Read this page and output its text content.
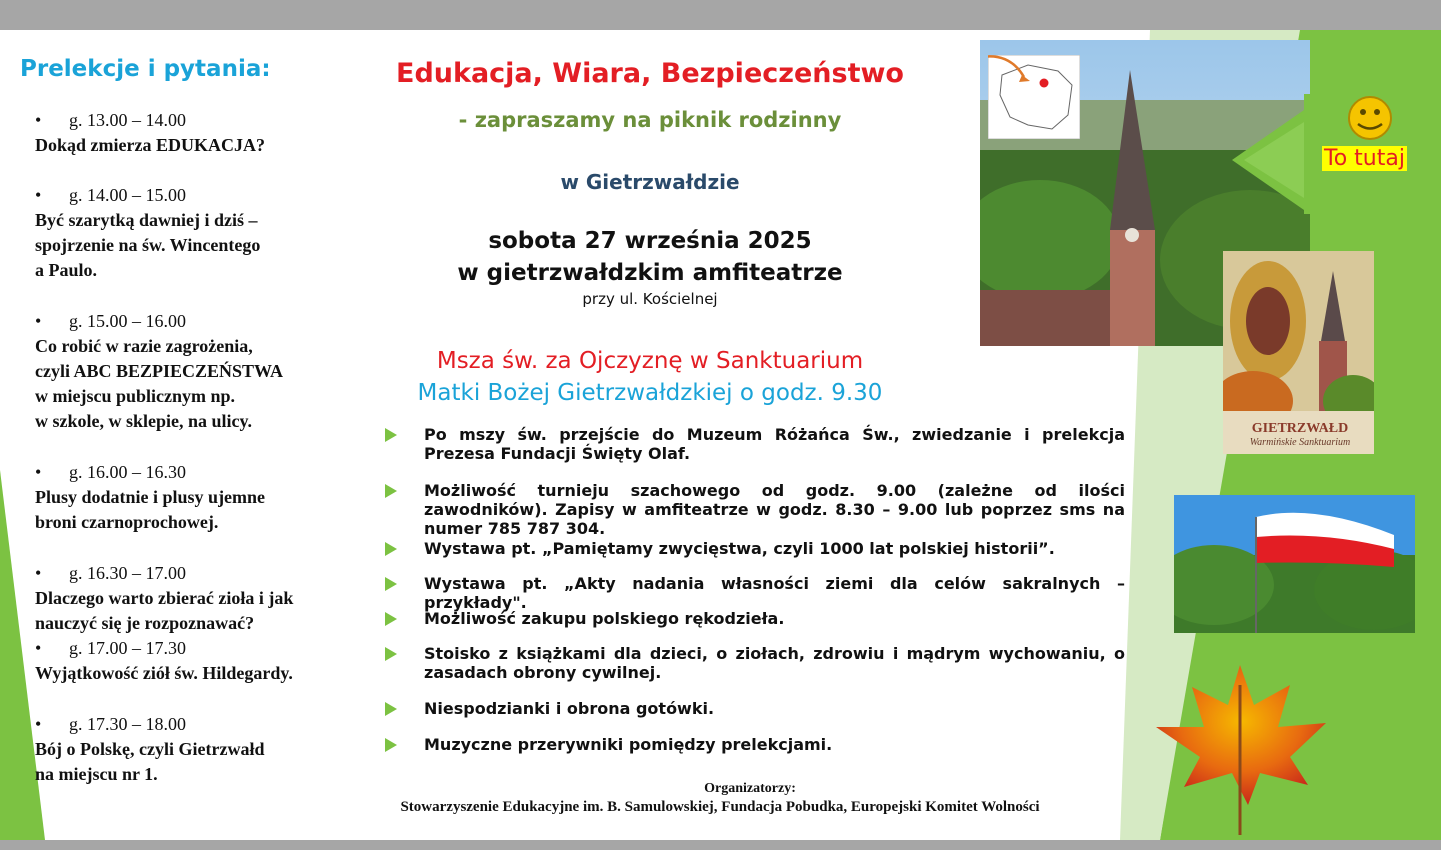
Prelekcje i pytania:
• g. 13.00 – 14.00
Dokąd zmierza EDUKACJA?
• g. 14.00 – 15.00
Być szarytką dawniej i dziś –
spojrzenie na św. Wincentego
a Paulo.
• g. 15.00 – 16.00
Co robić w razie zagrożenia,
czyli ABC BEZPIECZEŃSTWA
w miejscu publicznym np.
w szkole, w sklepie, na ulicy.
• g. 16.00 – 16.30
Plusy dodatnie i plusy ujemne
broni czarnoprochowej.
• g. 16.30 – 17.00
Dlaczego warto zbierać zioła i jak
nauczyć się je rozpoznawać?
• g. 17.00 – 17.30
Wyjątkowość ziół św. Hildegardy.
• g. 17.30 – 18.00
Bój o Polskę, czyli Gietrzwałd
na miejscu nr 1.
Edukacja, Wiara, Bezpieczeństwo
- zapraszamy na piknik rodzinny
w Gietrzwałdzie
sobota 27 września 2025
w gietrzwałdzkim amfiteatrze
przy ul. Kościelnej
Msza św. za Ojczyznę w Sanktuarium
Matki Bożej Gietrzwałdzkiej o godz. 9.30
Po mszy św. przejście do Muzeum Różańca Św., zwiedzanie i prelekcja Prezesa Fundacji Święty Olaf.
Możliwość turnieju szachowego od godz. 9.00 (zależne od ilości zawodników). Zapisy w amfiteatrze w godz. 8.30 – 9.00 lub poprzez sms na numer 785 787 304.
Wystawa pt. „Pamiętamy zwycięstwa, czyli 1000 lat polskiej historii”.
Wystawa pt. „Akty nadania własności ziemi dla celów sakralnych – przykłady".
Możliwość zakupu polskiego rękodzieła.
Stoisko z książkami dla dzieci, o ziołach, zdrowiu i mądrym wychowaniu, o zasadach obrony cywilnej.
Niespodzianki i obrona gotówki.
Muzyczne przerywniki pomiędzy prelekcjami.
Organizatorzy:
Stowarzyszenie Edukacyjne im. B. Samulowskiej, Fundacja Pobudka, Europejski Komitet Wolności
To tutaj
GIETRZWAŁD
Warmińskie Sanktuarium
